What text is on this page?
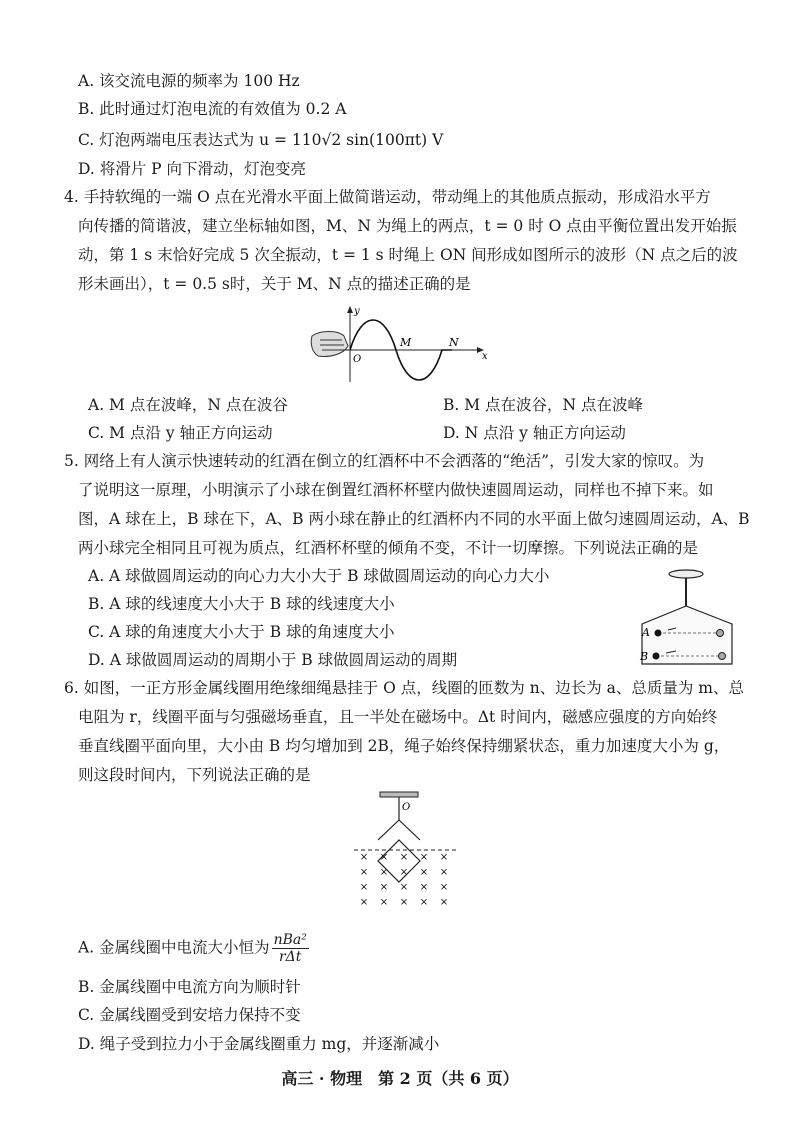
A. 该交流电源的频率为 100 Hz
B. 此时通过灯泡电流的有效值为 0.2 A
C. 灯泡两端电压表达式为 u = 110√2 sin(100πt) V
D. 将滑片 P 向下滑动，灯泡变亮
4. 手持软绳的一端 O 点在光滑水平面上做简谐运动，带动绳上的其他质点振动，形成沿水平方
向传播的简谐波，建立坐标轴如图，M、N 为绳上的两点，t = 0 时 O 点由平衡位置出发开始振
动，第 1 s 末恰好完成 5 次全振动，t = 1 s 时绳上 ON 间形成如图所示的波形（N 点之后的波
形未画出），t = 0.5 s时，关于 M、N 点的描述正确的是
y
x
O
M	N
A. M 点在波峰，N 点在波谷	B. M 点在波谷，N 点在波峰
C. M 点沿 y 轴正方向运动	D. N 点沿 y 轴正方向运动
5. 网络上有人演示快速转动的红酒在倒立的红酒杯中不会洒落的“绝活”，引发大家的惊叹。为
了说明这一原理，小明演示了小球在倒置红酒杯杯壁内做快速圆周运动，同样也不掉下来。如
图，A 球在上，B 球在下，A、B 两小球在静止的红酒杯内不同的水平面上做匀速圆周运动，A、B
两小球完全相同且可视为质点，红酒杯杯壁的倾角不变，不计一切摩擦。下列说法正确的是
A. A 球做圆周运动的向心力大小大于 B 球做圆周运动的向心力大小
B. A 球的线速度大小大于 B 球的线速度大小
C. A 球的角速度大小大于 B 球的角速度大小
D. A 球做圆周运动的周期小于 B 球做圆周运动的周期
A
B
6. 如图，一正方形金属线圈用绝缘细绳悬挂于 O 点，线圈的匝数为 n、边长为 a、总质量为 m、总
电阻为 r，线圈平面与匀强磁场垂直，且一半处在磁场中。Δt 时间内，磁感应强度的方向始终
垂直线圈平面向里，大小由 B 均匀增加到 2B，绳子始终保持绷紧状态，重力加速度大小为 g，
则这段时间内，下列说法正确的是
O
× × × × ×
× × × × ×
× × × × ×
× × × × ×
A. 金属线圈中电流大小恒为 nBa²
rΔt
B. 金属线圈中电流方向为顺时针
C. 金属线圈受到安培力保持不变
D. 绳子受到拉力小于金属线圈重力 mg，并逐渐减小
高三 · 物理　第 2 页（共 6 页）
